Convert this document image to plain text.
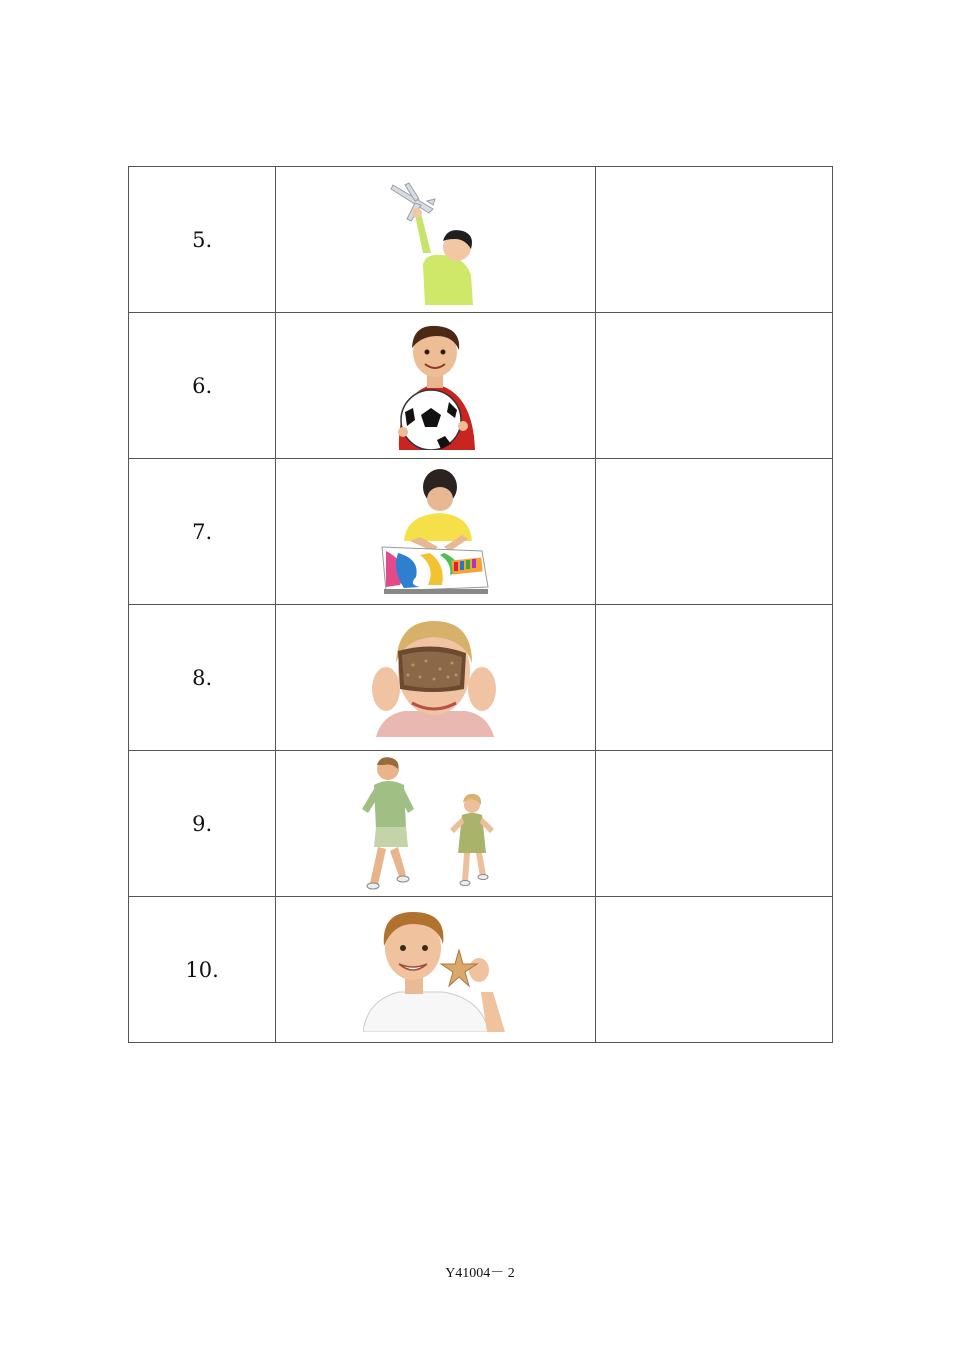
5.	

6.	

7.	

8.	

9.	

10.	

Y41004－ 2
